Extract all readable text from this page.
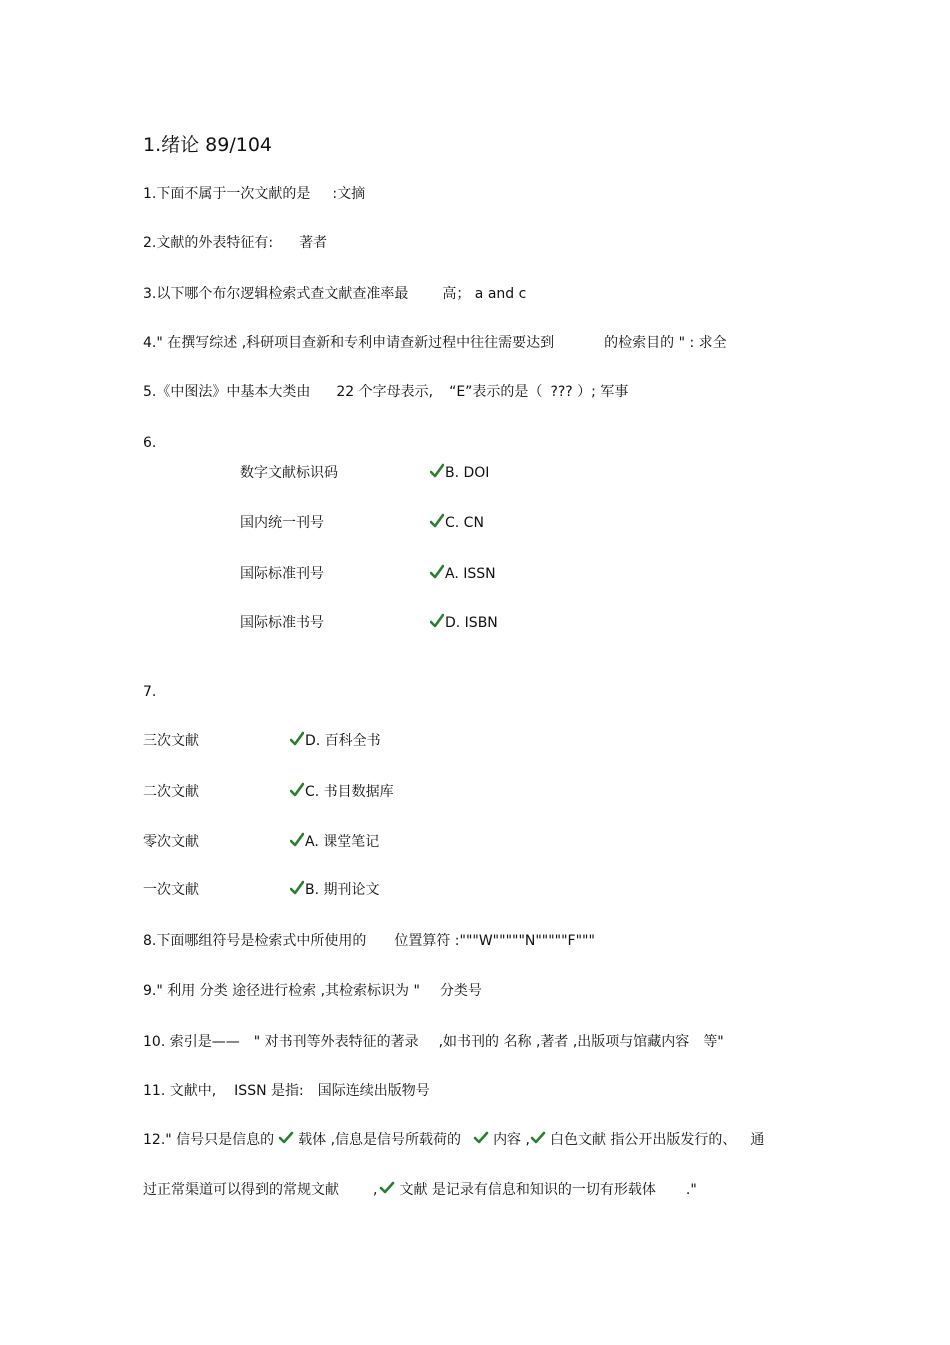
1.绪论 89/104
1.下面不属于一次文献的是 :文摘
2.文献的外表特征有: 著者
3.以下哪个布尔逻辑检索式查文献查准率最 高； a and c
4." 在撰写综述 ,科研项目查新和专利申请查新过程中往往需要达到	的检索目的 " : 求全
5.《中图法》中基本大类由 22 个字母表示, “E”表示的是（ ??? ）; 军事
6.
数字文献标识码	B. DOI
国内统一刊号	C. CN
国际标准刊号	A. ISSN
国际标准书号	D. ISBN
7.
三次文献	D. 百科全书
二次文献	C. 书目数据库
零次文献	A. 课堂笔记
一次文献	B. 期刊论文
8.下面哪组符号是检索式中所使用的 位置算符 :"""W"""""N"""""F"""
9." 利用 分类 途径进行检索 ,其检索标识为 " 分类号
10. 索引是—— " 对书刊等外表特征的著录 ,如书刊的 名称 ,著者 ,出版项与馆藏内容 等"
11. 文献中, ISSN 是指: 国际连续出版物号
12." 信号只是信息的 载体 ,信息是信号所载荷的 内容 , 白色文献 指公开出版发行的、 通
过正常渠道可以得到的常规文献 , 文献 是记录有信息和知识的一切有形载体 ."
